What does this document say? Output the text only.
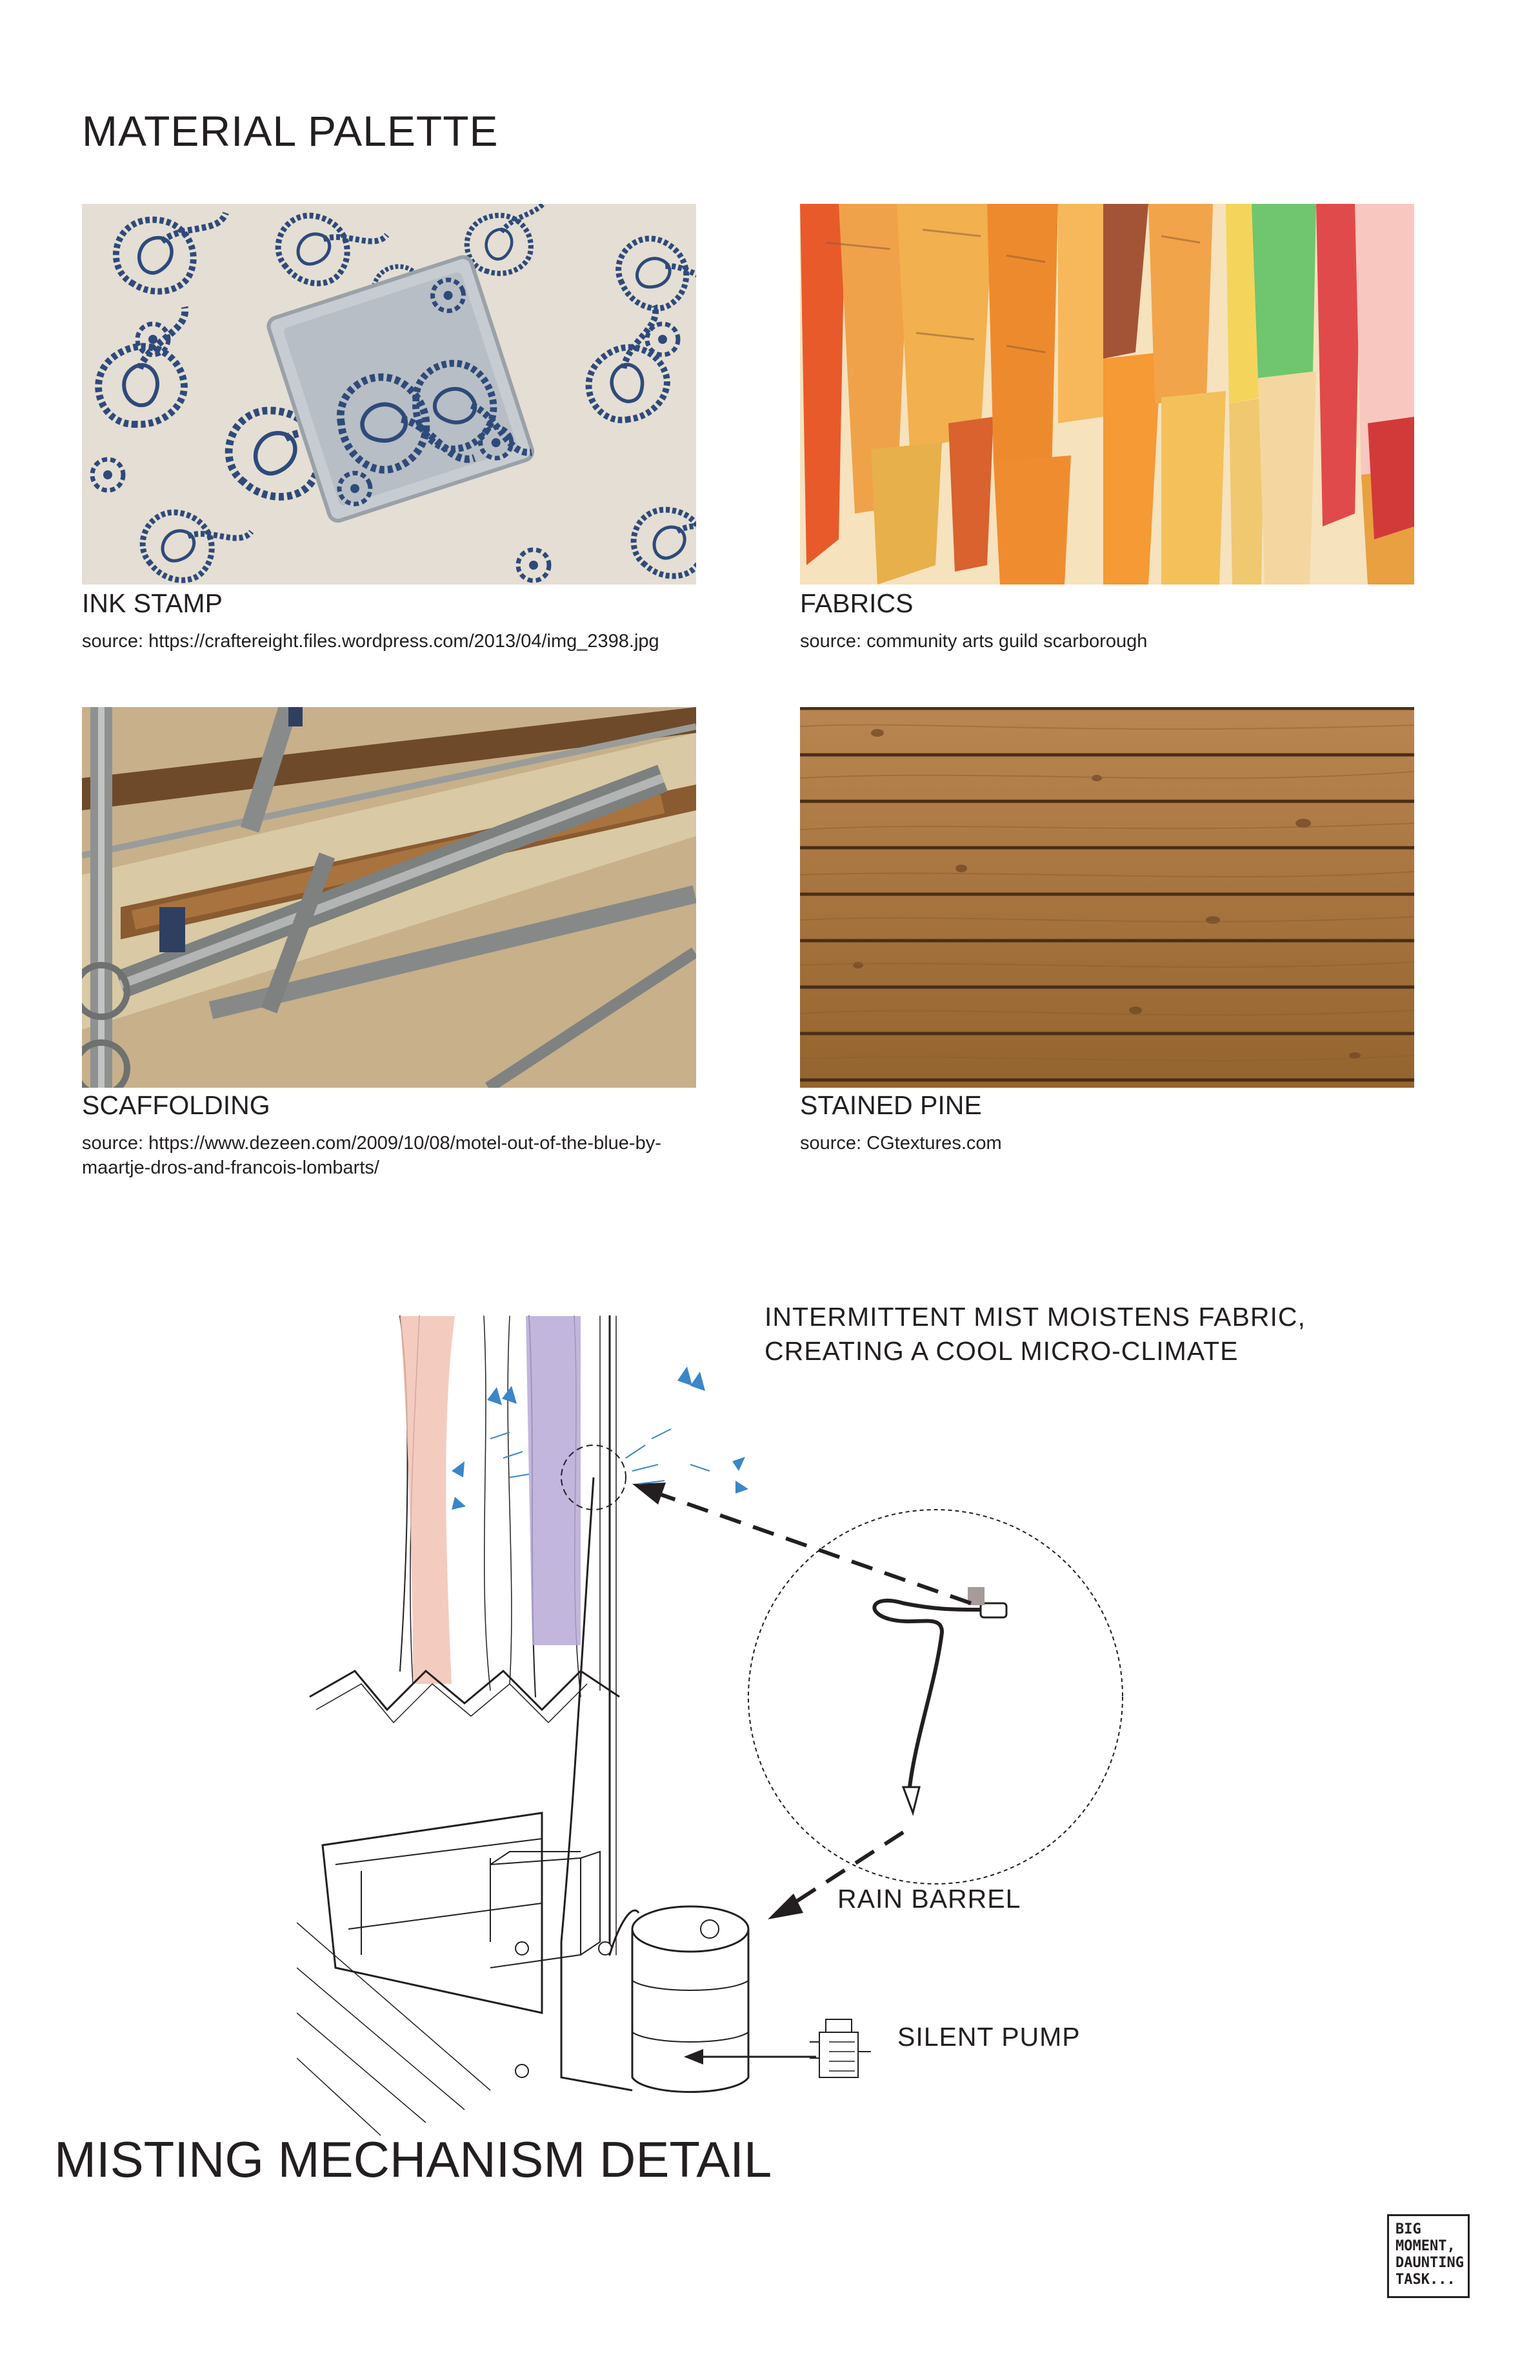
MATERIAL PALETTE
INK STAMP
source: https://craftereight.files.wordpress.com/2013/04/img_2398.jpg
FABRICS
source: community arts guild scarborough
SCAFFOLDING
source: https://www.dezeen.com/2009/10/08/motel-out-of-the-blue-by-maartje-dros-and-francois-lombarts/
STAINED PINE
source: CGtextures.com
INTERMITTENT MIST MOISTENS FABRIC, CREATING A COOL MICRO-CLIMATE
RAIN BARREL
SILENT PUMP
MISTING MECHANISM DETAIL
BIG
MOMENT,
DAUNTING
TASK...
